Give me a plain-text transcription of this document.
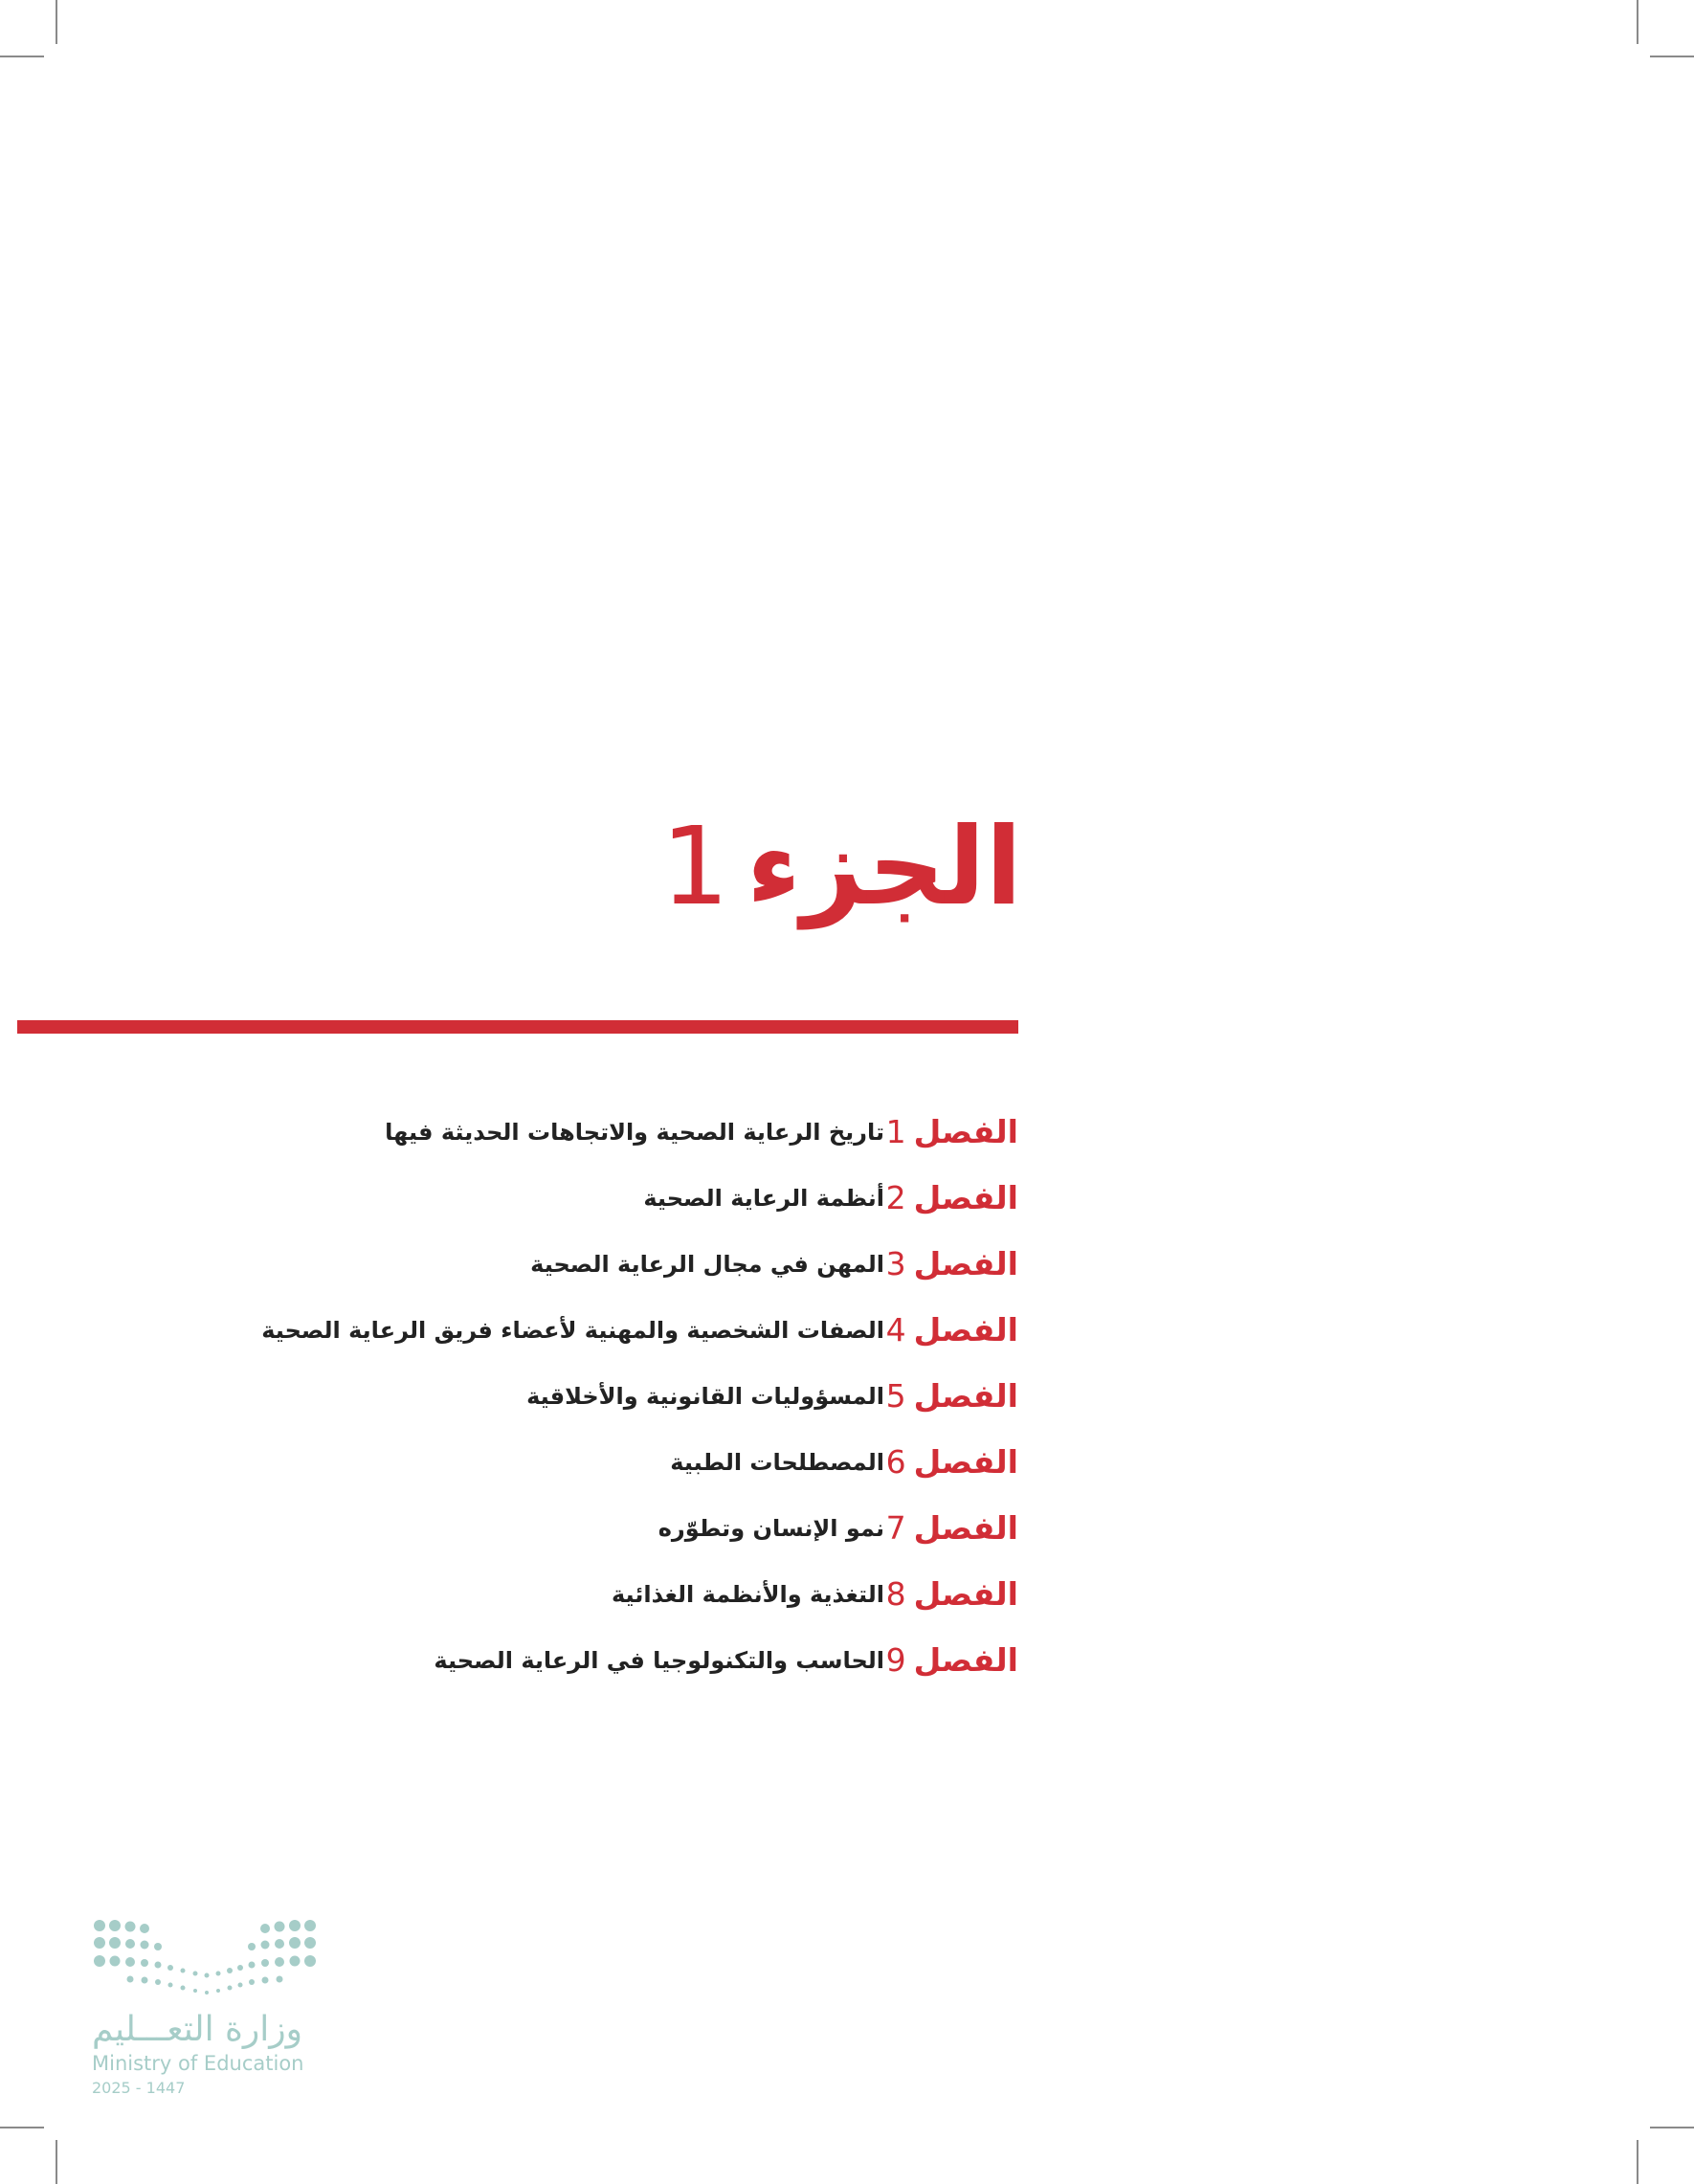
الجزء1
الفصل1
تاريخ الرعاية الصحية والاتجاهات الحديثة فيها
الفصل2
أنظمة الرعاية الصحية
الفصل3
المهن في مجال الرعاية الصحية
الفصل4
الصفات الشخصية والمهنية لأعضاء فريق الرعاية الصحية
الفصل5
المسؤوليات القانونية والأخلاقية
الفصل6
المصطلحات الطبية
الفصل7
نمو الإنسان وتطوّره
الفصل8
التغذية والأنظمة الغذائية
الفصل9
الحاسب والتكنولوجيا في الرعاية الصحية
وزارة التعـــليم
Ministry of Education
2025 - 1447
